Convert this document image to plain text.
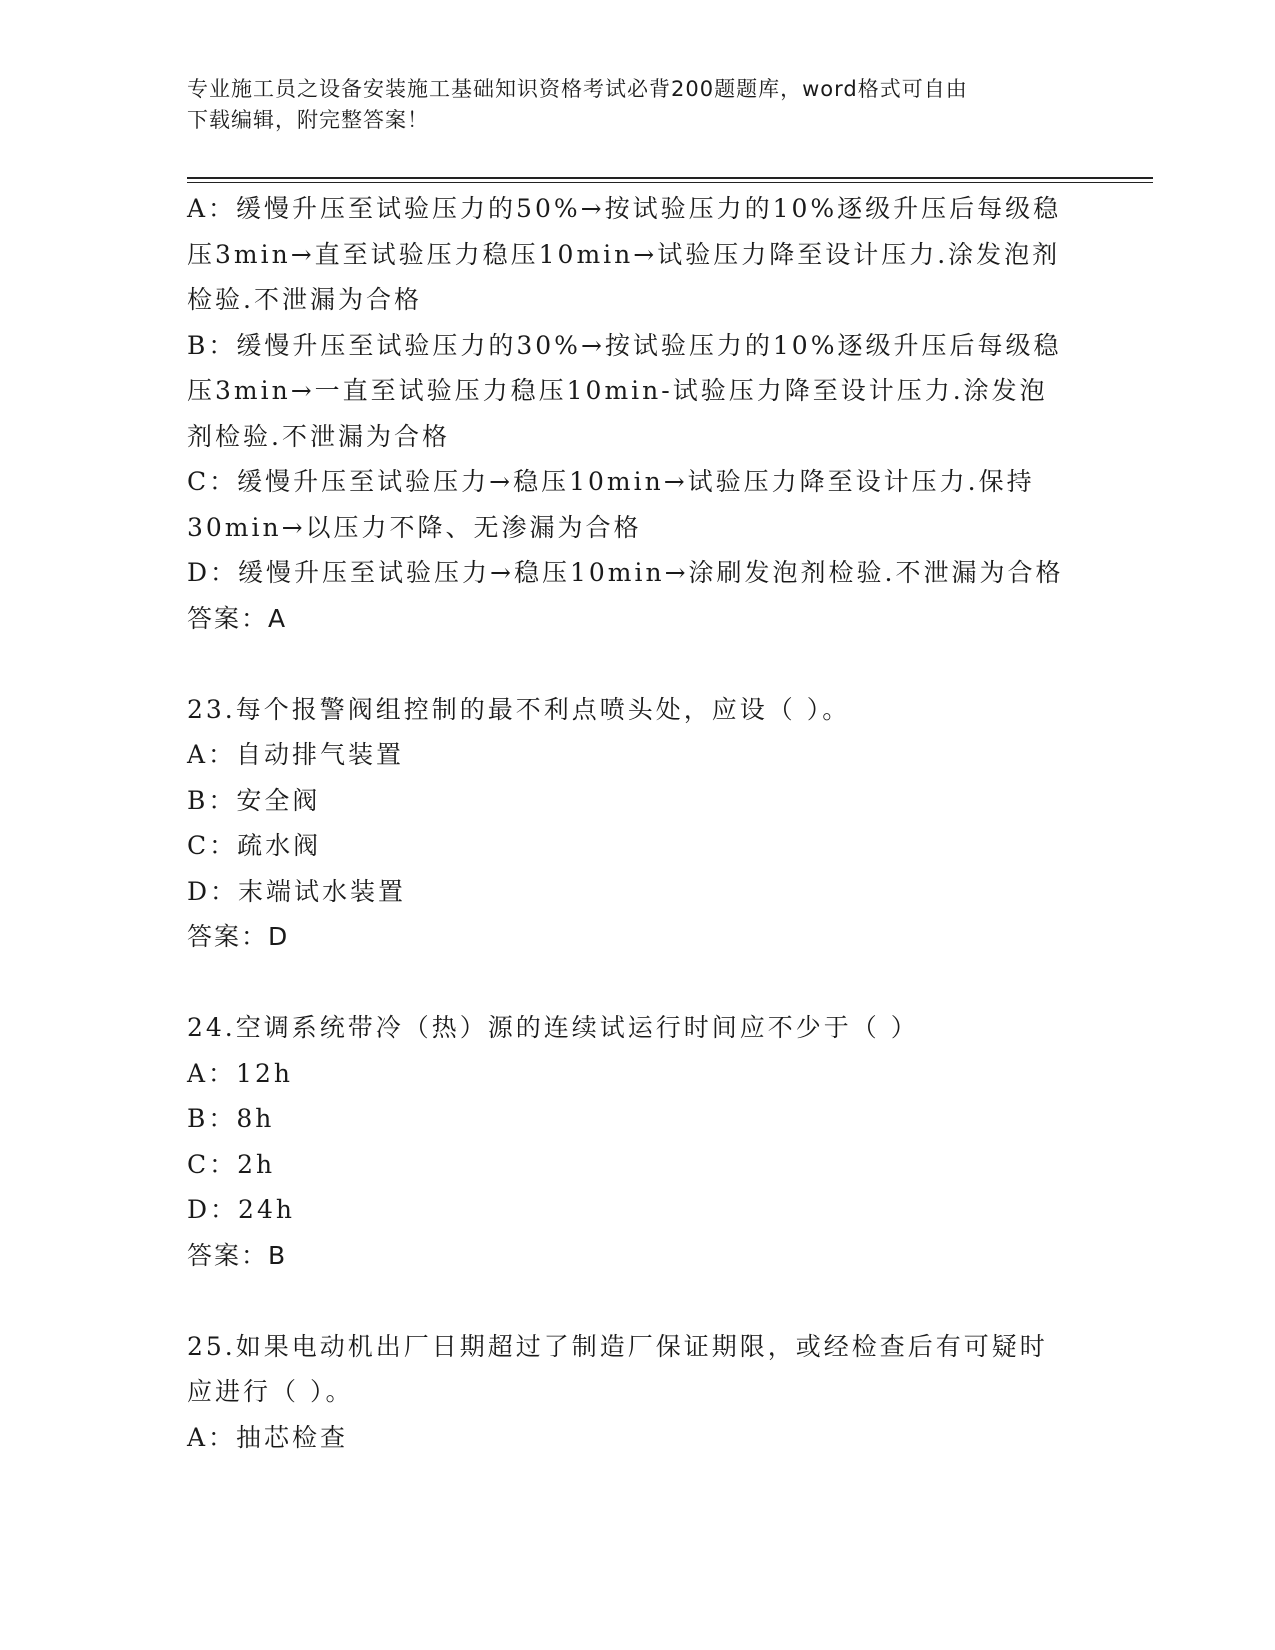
专业施工员之设备安装施工基础知识资格考试必背200题题库，word格式可自由
下载编辑，附完整答案！
A：缓慢升压至试验压力的50%→按试验压力的10%逐级升压后每级稳
压3min→直至试验压力稳压10min→试验压力降至设计压力.涂发泡剂
检验.不泄漏为合格
B：缓慢升压至试验压力的30%→按试验压力的10%逐级升压后每级稳
压3min→一直至试验压力稳压10min-试验压力降至设计压力.涂发泡
剂检验.不泄漏为合格
C：缓慢升压至试验压力→稳压10min→试验压力降至设计压力.保持
30min→以压力不降、无渗漏为合格
D：缓慢升压至试验压力→稳压10min→涂刷发泡剂检验.不泄漏为合格
答案：A
23.每个报警阀组控制的最不利点喷头处，应设（ ）。
A：自动排气装置
B：安全阀
C：疏水阀
D：末端试水装置
答案：D
24.空调系统带冷（热）源的连续试运行时间应不少于（ ）
A：12h
B：8h
C：2h
D：24h
答案：B
25.如果电动机出厂日期超过了制造厂保证期限，或经检查后有可疑时
应进行（ ）。
A：抽芯检查
